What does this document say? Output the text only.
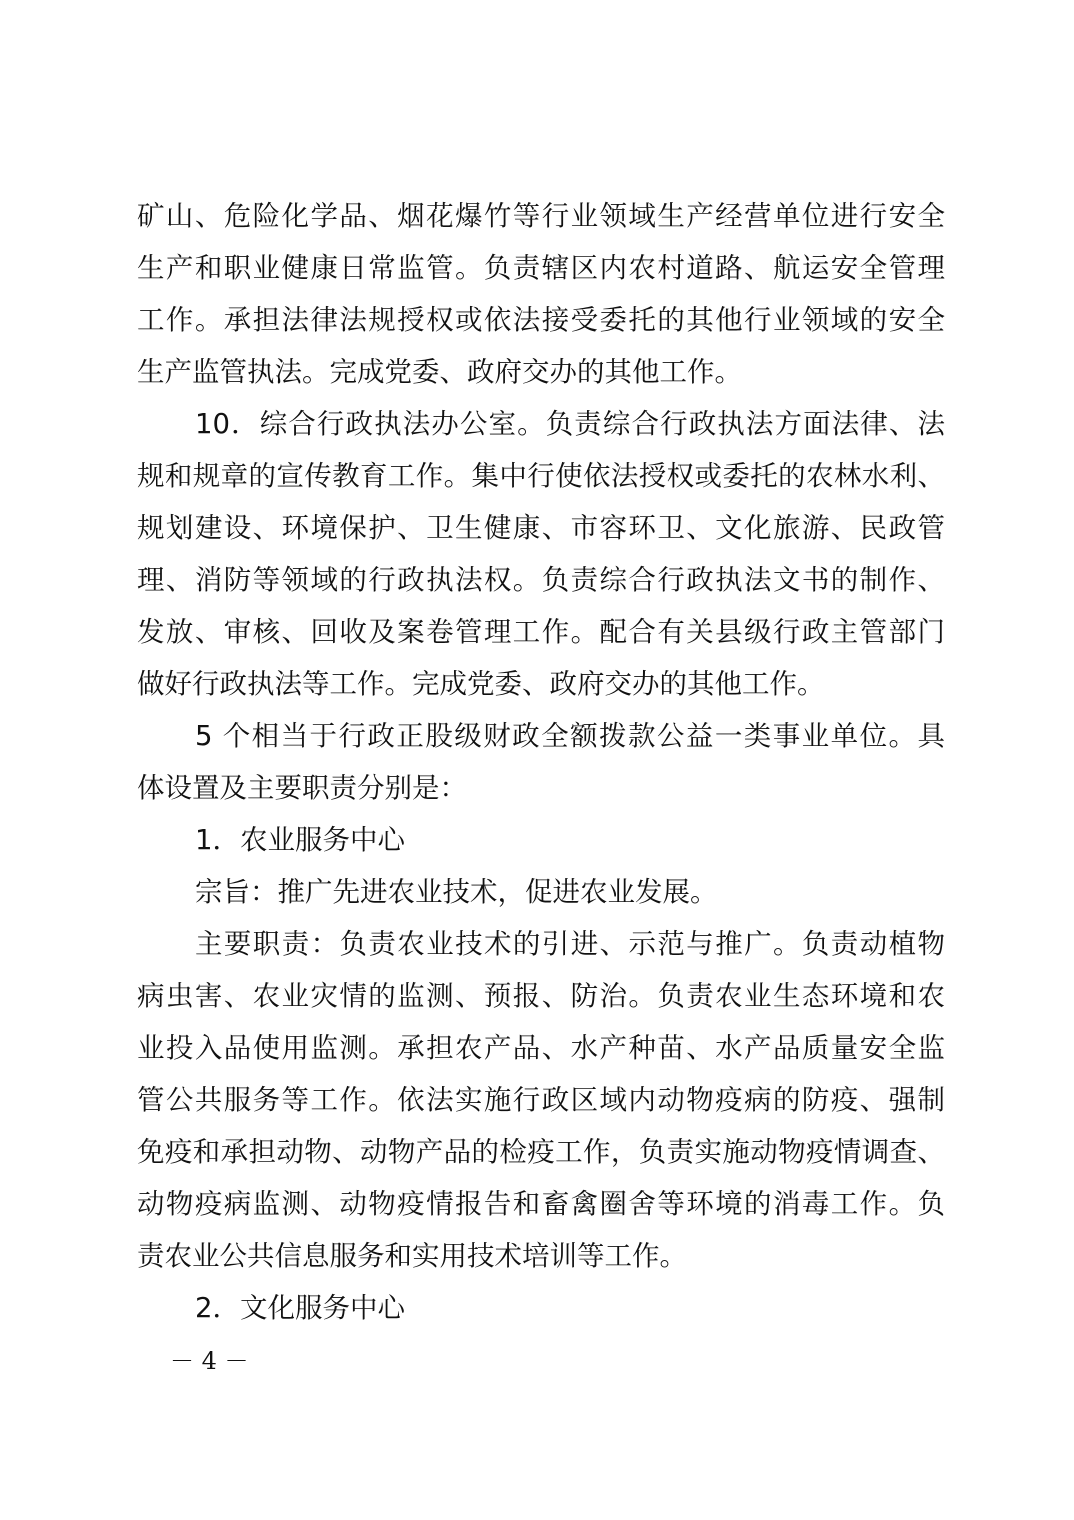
矿山、危险化学品、烟花爆竹等行业领域生产经营单位进行安全
生产和职业健康日常监管。负责辖区内农村道路、航运安全管理
工作。承担法律法规授权或依法接受委托的其他行业领域的安全
生产监管执法。完成党委、政府交办的其他工作。
10．综合行政执法办公室。负责综合行政执法方面法律、法
规和规章的宣传教育工作。集中行使依法授权或委托的农林水利、
规划建设、环境保护、卫生健康、市容环卫、文化旅游、民政管
理、消防等领域的行政执法权。负责综合行政执法文书的制作、
发放、审核、回收及案卷管理工作。配合有关县级行政主管部门
做好行政执法等工作。完成党委、政府交办的其他工作。
5 个相当于行政正股级财政全额拨款公益一类事业单位。具
体设置及主要职责分别是：
1．农业服务中心
宗旨：推广先进农业技术，促进农业发展。
主要职责：负责农业技术的引进、示范与推广。负责动植物
病虫害、农业灾情的监测、预报、防治。负责农业生态环境和农
业投入品使用监测。承担农产品、水产种苗、水产品质量安全监
管公共服务等工作。依法实施行政区域内动物疫病的防疫、强制
免疫和承担动物、动物产品的检疫工作，负责实施动物疫情调查、
动物疫病监测、动物疫情报告和畜禽圈舍等环境的消毒工作。负
责农业公共信息服务和实用技术培训等工作。
2．文化服务中心
－ 4 －
